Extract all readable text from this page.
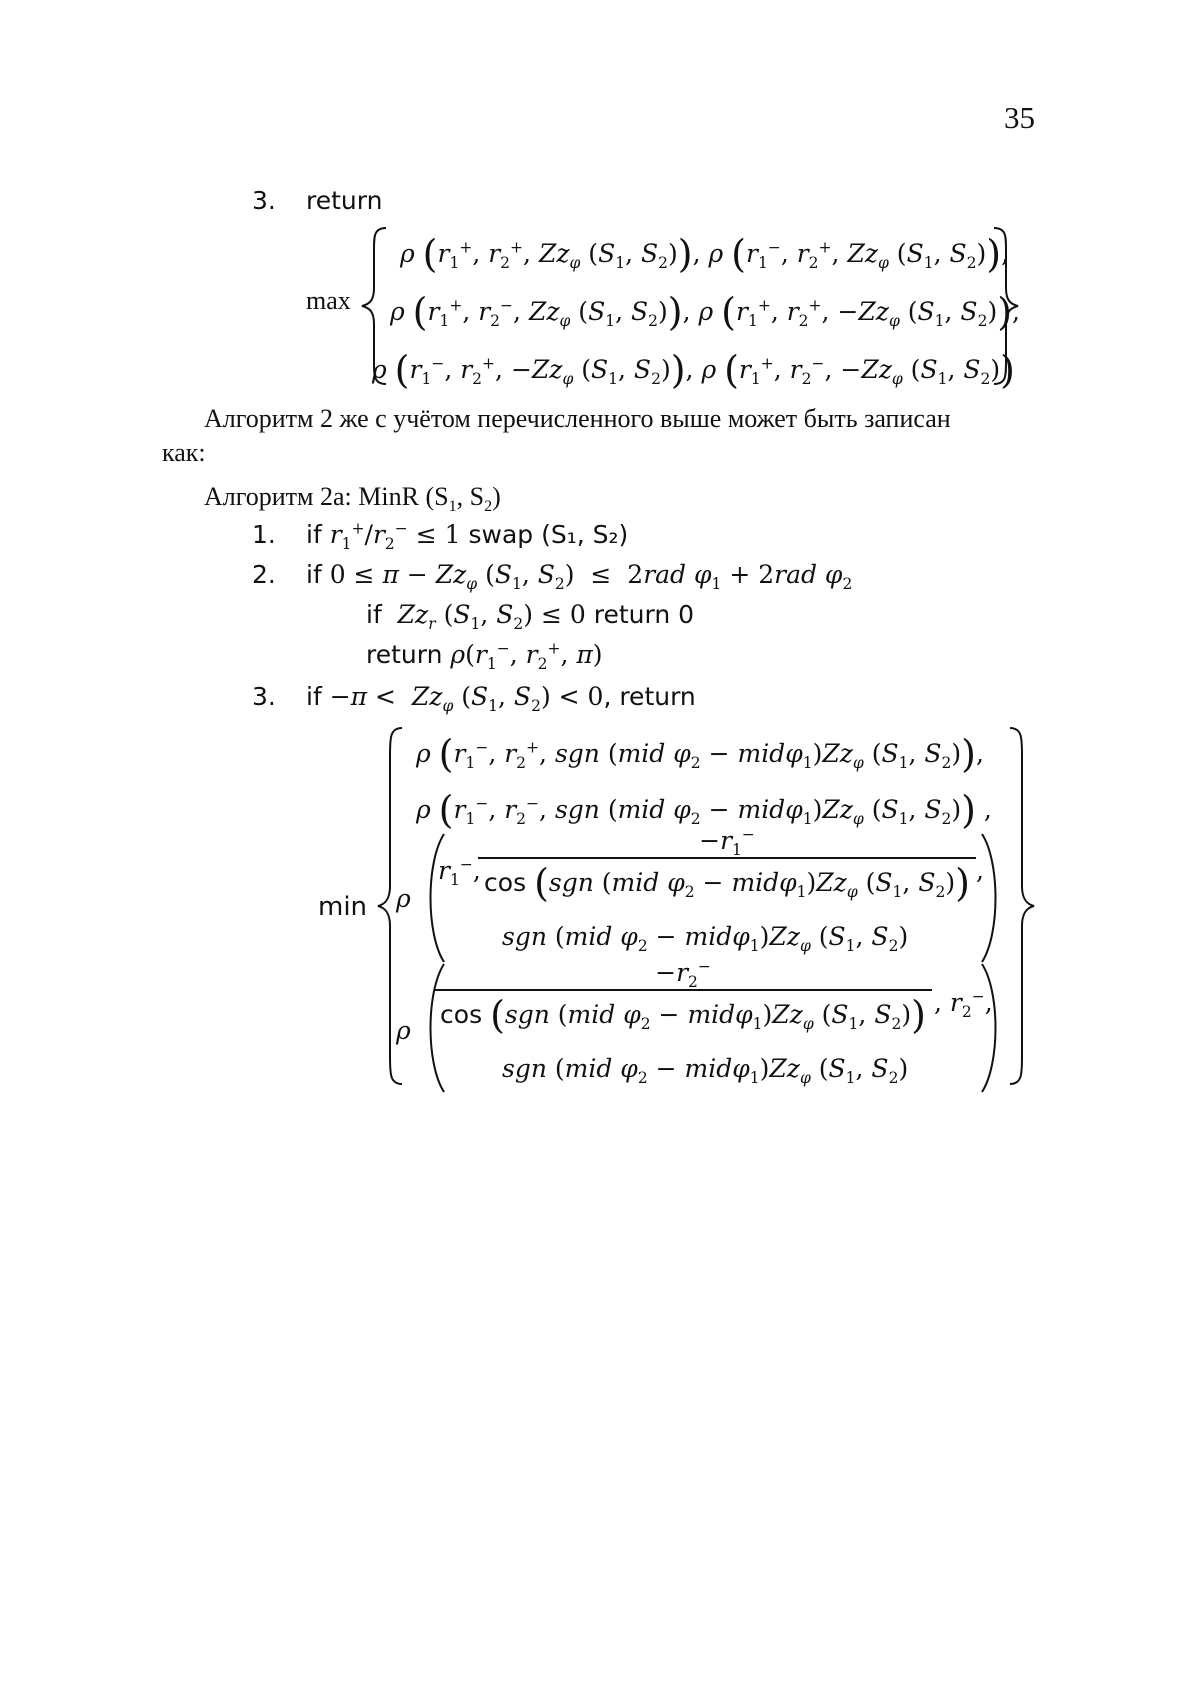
35
3. return
max
ρ ($r_1^+$, $r_2^+$, $Zz_\varphi$ ($S_1$, $S_2$)), ρ ($r_1^-$, $r_2^+$, $Zz_\varphi$ ($S_1$, $S_2$)),
ρ ($r_1^+$, $r_2^-$, $Zz_\varphi$ ($S_1$, $S_2$)), ρ ($r_1^+$, $r_2^+$, $-Zz_\varphi$ ($S_1$, $S_2$)),
ρ ($r_1^-$, $r_2^+$, $-Zz_\varphi$ ($S_1$, $S_2$)), ρ ($r_1^+$, $r_2^-$, $-Zz_\varphi$ ($S_1$, $S_2$))
Алгоритм 2 же с учётом перечисленного выше может быть записан
как:
Алгоритм 2a: MinR ($S_1$, $S_2$)
1. if $r_1^+/r_2^- \le 1$ swap (S₁, S₂)
2. if $0 \le \pi - Zz_\varphi$ ($S_1$, $S_2) \le 2rad$ $\varphi_1 + 2rad$ $\varphi_2$
if $Zz_r$ ($S_1$, $S_2) \le 0$ return 0
return $\rho(r_1^-$, $r_2^+$, π)
3. if $-\pi < Zz_\varphi$ ($S_1$, $S_2) < 0$, return
min
ρ ($r_1^-$, $r_2^+$, sgn (mid $\varphi_2 - mid\varphi_1)Zz_\varphi$ ($S_1$, $S_2$)),
ρ ($r_1^-$, $r_2^-$, sgn (mid $\varphi_2 - mid\varphi_1)Zz_\varphi$ ($S_1$, $S_2$)) ,
ρ
$r_1^-$,
$\frac{-r_1^-}{\cos (sgn (mid \varphi_2 - mid\varphi_1)Zz_\varphi (S_1, S_2))}$ ,
sgn (mid $\varphi_2 - mid\varphi_1)Zz_\varphi$ ($S_1$, $S_2$)
ρ $\frac{-r_2^-}{\cos (sgn (mid \varphi_2 - mid\varphi_1)Zz_\varphi (S_1, S_2))}$ , $r_2^-$,
sgn (mid $\varphi_2 - mid\varphi_1)Zz_\varphi$ ($S_1$, $S_2$)
